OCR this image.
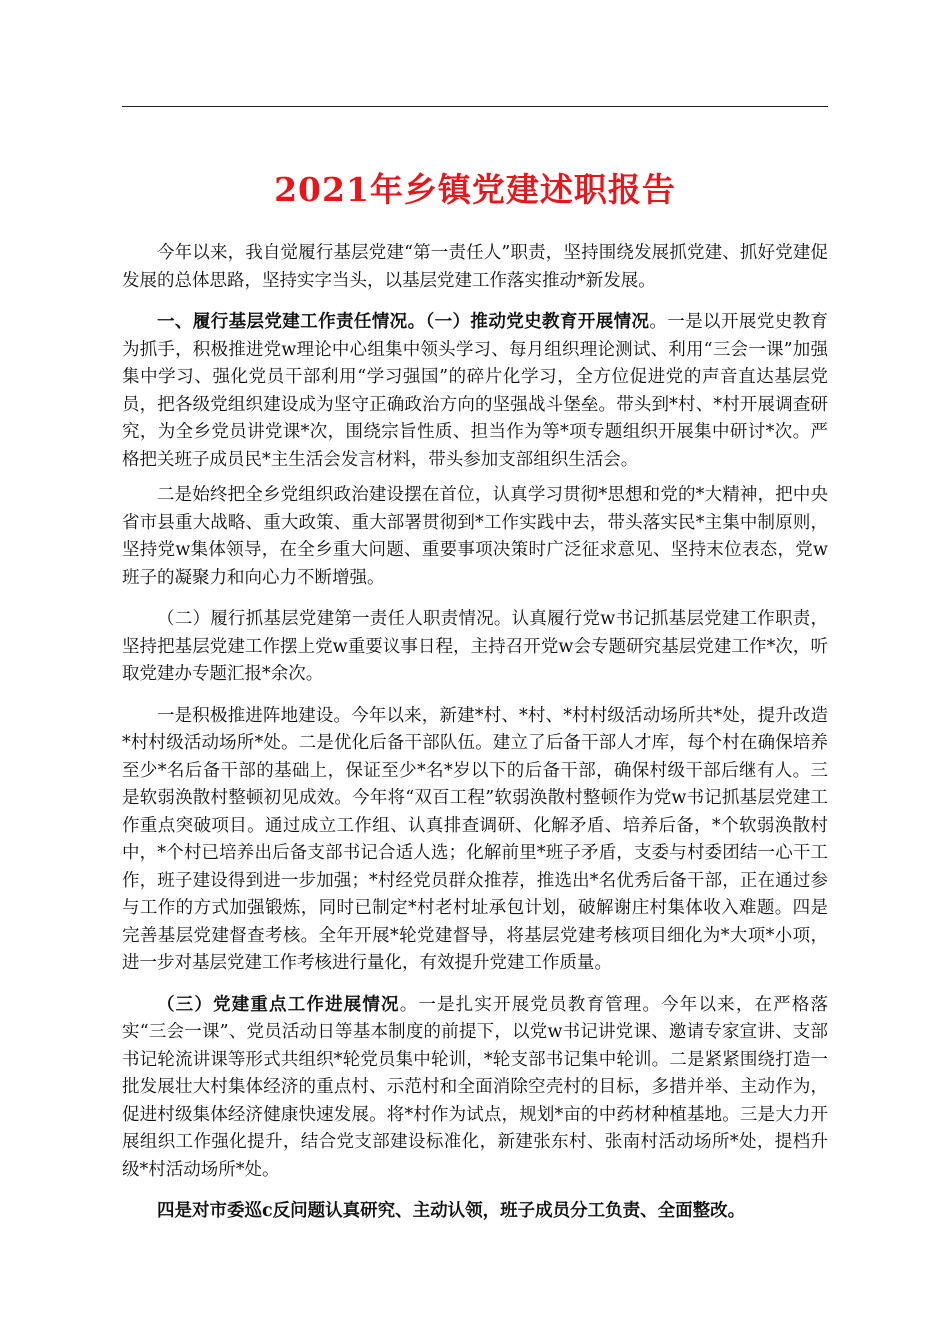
2021年乡镇党建述职报告

今年以来，我自觉履行基层党建“第一责任人”职责，坚持围绕发展抓党建、抓好党建促发展的总体思路，坚持实字当头，以基层党建工作落实推动*新发展。

一、履行基层党建工作责任情况。（一）推动党史教育开展情况。一是以开展党史教育为抓手，积极推进党w理论中心组集中领头学习、每月组织理论测试、利用“三会一课”加强集中学习、强化党员干部利用“学习强国”的碎片化学习，全方位促进党的声音直达基层党员，把各级党组织建设成为坚守正确政治方向的坚强战斗堡垒。带头到*村、*村开展调查研究，为全乡党员讲党课*次，围绕宗旨性质、担当作为等*项专题组织开展集中研讨*次。严格把关班子成员民*主生活会发言材料，带头参加支部组织生活会。

二是始终把全乡党组织政治建设摆在首位，认真学习贯彻*思想和党的*大精神，把中央省市县重大战略、重大政策、重大部署贯彻到*工作实践中去，带头落实民*主集中制原则，坚持党w集体领导，在全乡重大问题、重要事项决策时广泛征求意见、坚持末位表态，党w班子的凝聚力和向心力不断增强。

（二）履行抓基层党建第一责任人职责情况。认真履行党w书记抓基层党建工作职责，坚持把基层党建工作摆上党w重要议事日程，主持召开党w会专题研究基层党建工作*次，听取党建办专题汇报*余次。

一是积极推进阵地建设。今年以来，新建*村、*村、*村村级活动场所共*处，提升改造*村村级活动场所*处。二是优化后备干部队伍。建立了后备干部人才库，每个村在确保培养至少*名后备干部的基础上，保证至少*名*岁以下的后备干部，确保村级干部后继有人。三是软弱涣散村整顿初见成效。今年将“双百工程”软弱涣散村整顿作为党w书记抓基层党建工作重点突破项目。通过成立工作组、认真排查调研、化解矛盾、培养后备，*个软弱涣散村中，*个村已培养出后备支部书记合适人选；化解前里*班子矛盾，支委与村委团结一心干工作，班子建设得到进一步加强；*村经党员群众推荐，推选出*名优秀后备干部，正在通过参与工作的方式加强锻炼，同时已制定*村老村址承包计划，破解谢庄村集体收入难题。四是完善基层党建督查考核。全年开展*轮党建督导，将基层党建考核项目细化为*大项*小项，进一步对基层党建工作考核进行量化，有效提升党建工作质量。

（三）党建重点工作进展情况。一是扎实开展党员教育管理。今年以来，在严格落实“三会一课”、党员活动日等基本制度的前提下，以党w书记讲党课、邀请专家宣讲、支部书记轮流讲课等形式共组织*轮党员集中轮训，*轮支部书记集中轮训。二是紧紧围绕打造一批发展壮大村集体经济的重点村、示范村和全面消除空壳村的目标，多措并举、主动作为，促进村级集体经济健康快速发展。将*村作为试点，规划*亩的中药材种植基地。三是大力开展组织工作强化提升，结合党支部建设标准化，新建张东村、张南村活动场所*处，提档升级*村活动场所*处。

四是对市委巡c反问题认真研究、主动认领，班子成员分工负责、全面整改。
